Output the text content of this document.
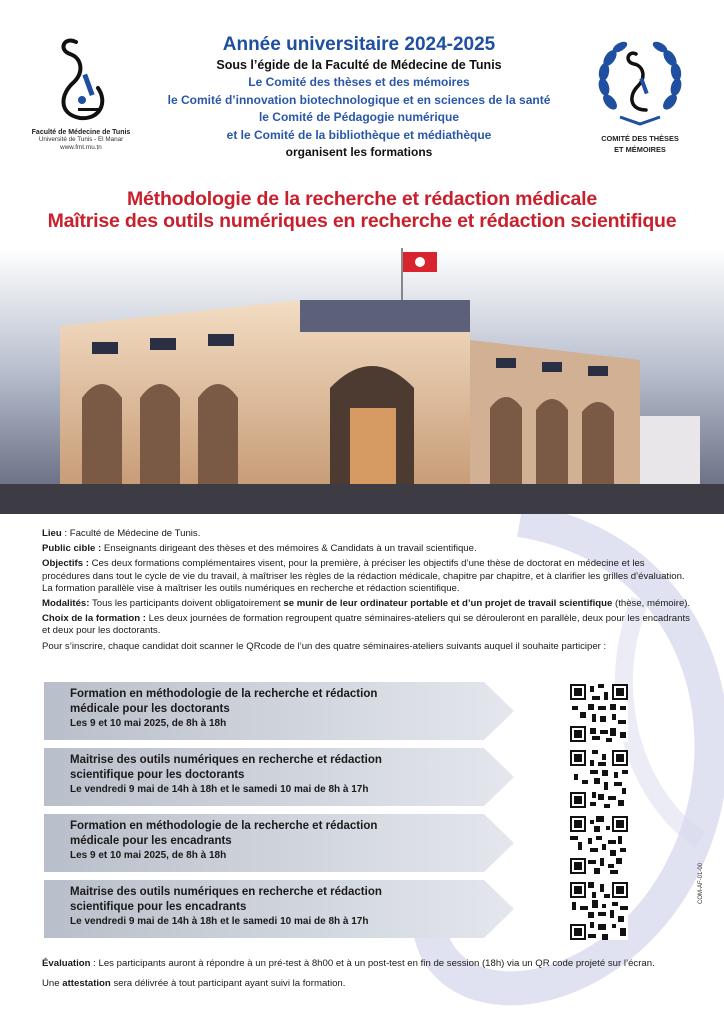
Faculté de Médecine de Tunis
Université de Tunis - El Manar
www.fmt.rnu.tn
Année universitaire 2024-2025
Sous l’égide de la Faculté de Médecine de Tunis
Le Comité des thèses et des mémoires
le Comité d’innovation biotechnologique et en sciences de la santé
le Comité de Pédagogie numérique
et le Comité de la bibliothèque et médiathèque
organisent les formations
COMITÉ DES THÈSES
ET MÉMOIRES
Méthodologie de la recherche et rédaction médicale
Maîtrise des outils numériques en recherche et rédaction scientifique

Lieu : Faculté de Médecine de Tunis.

Public cible : Enseignants dirigeant des thèses et des mémoires & Candidats à un travail scientifique.

Objectifs : Ces deux formations complémentaires visent, pour la première, à préciser les objectifs d’une thèse de doctorat en médecine et les procédures dans tout le cycle de vie du travail, à maîtriser les règles de la rédaction médicale, chapitre par chapitre, et à clarifier les grilles d’évaluation. La formation parallèle vise à maîtriser les outils numériques en recherche et rédaction scientifique.

Modalités: Tous les participants doivent obligatoirement se munir de leur ordinateur portable et d’un projet de travail scientifique (thèse, mémoire).

Choix de la formation : Les deux journées de formation regroupent quatre séminaires-ateliers qui se dérouleront en parallèle, deux pour les encadrants et deux pour les doctorants.

Pour s’inscrire, chaque candidat doit scanner le QRcode de l’un des quatre séminaires-ateliers suivants auquel il souhaite participer :

Formation en méthodologie de la recherche et rédaction
médicale pour les doctorants
Les 9 et 10 mai 2025, de 8h à 18h
Maitrise des outils numériques en recherche et rédaction
scientifique pour les doctorants
Le vendredi 9 mai de 14h à 18h et le samedi 10 mai de 8h à 17h
Formation en méthodologie de la recherche et rédaction
médicale pour les encadrants
Les 9 et 10 mai 2025, de 8h à 18h
Maitrise des outils numériques en recherche et rédaction
scientifique pour les encadrants
Le vendredi 9 mai de 14h à 18h et le samedi 10 mai de 8h à 17h
COM-AF-01-00

Évaluation : Les participants auront à répondre à un pré-test à 8h00 et à un post-test en fin de session (18h) via un QR code projeté sur l’écran.

Une attestation sera délivrée à tout participant ayant suivi la formation.
